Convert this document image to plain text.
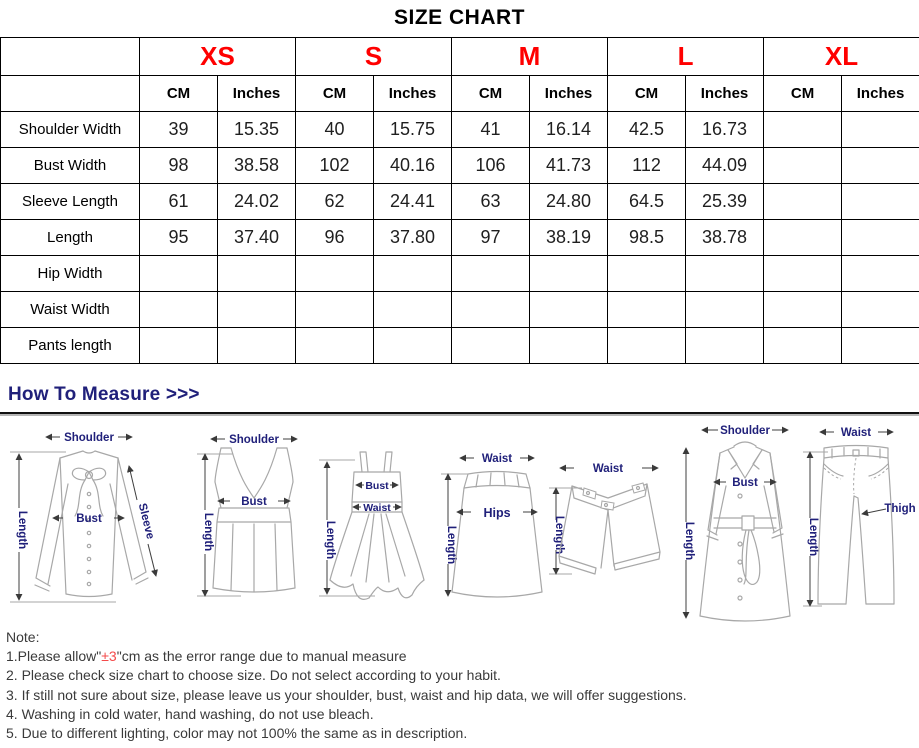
SIZE CHART
	XS		S		M		L		XL	
	CM	Inches	CM	Inches	CM	Inches	CM	Inches	CM	Inches
Shoulder Width	39	15.35	40	15.75	41	16.14	42.5	16.73		
Bust Width	98	38.58	102	40.16	106	41.73	112	44.09		
Sleeve Length	61	24.02	62	24.41	63	24.80	64.5	25.39		
Length	95	37.40	96	37.80	97	38.19	98.5	38.78		
Hip Width										
Waist Width										
Pants length										
How To Measure >>>
Shoulder
Length	Bust	Sleeve
Shoulder
Length
Bust
Length
Bust
Waist
Waist
Length
Hips
Waist
Length
Shoulder
Length
Bust
Waist
Length
Thigh
Note:
1.Please allow"±3"cm as the error range due to manual measure
2. Please check size chart to choose size. Do not select according to your habit.
3. If still not sure about size, please leave us your shoulder, bust, waist and hip data, we will offer suggestions.
4. Washing in cold water, hand washing, do not use bleach.
5. Due to different lighting, color may not 100% the same as in description.
